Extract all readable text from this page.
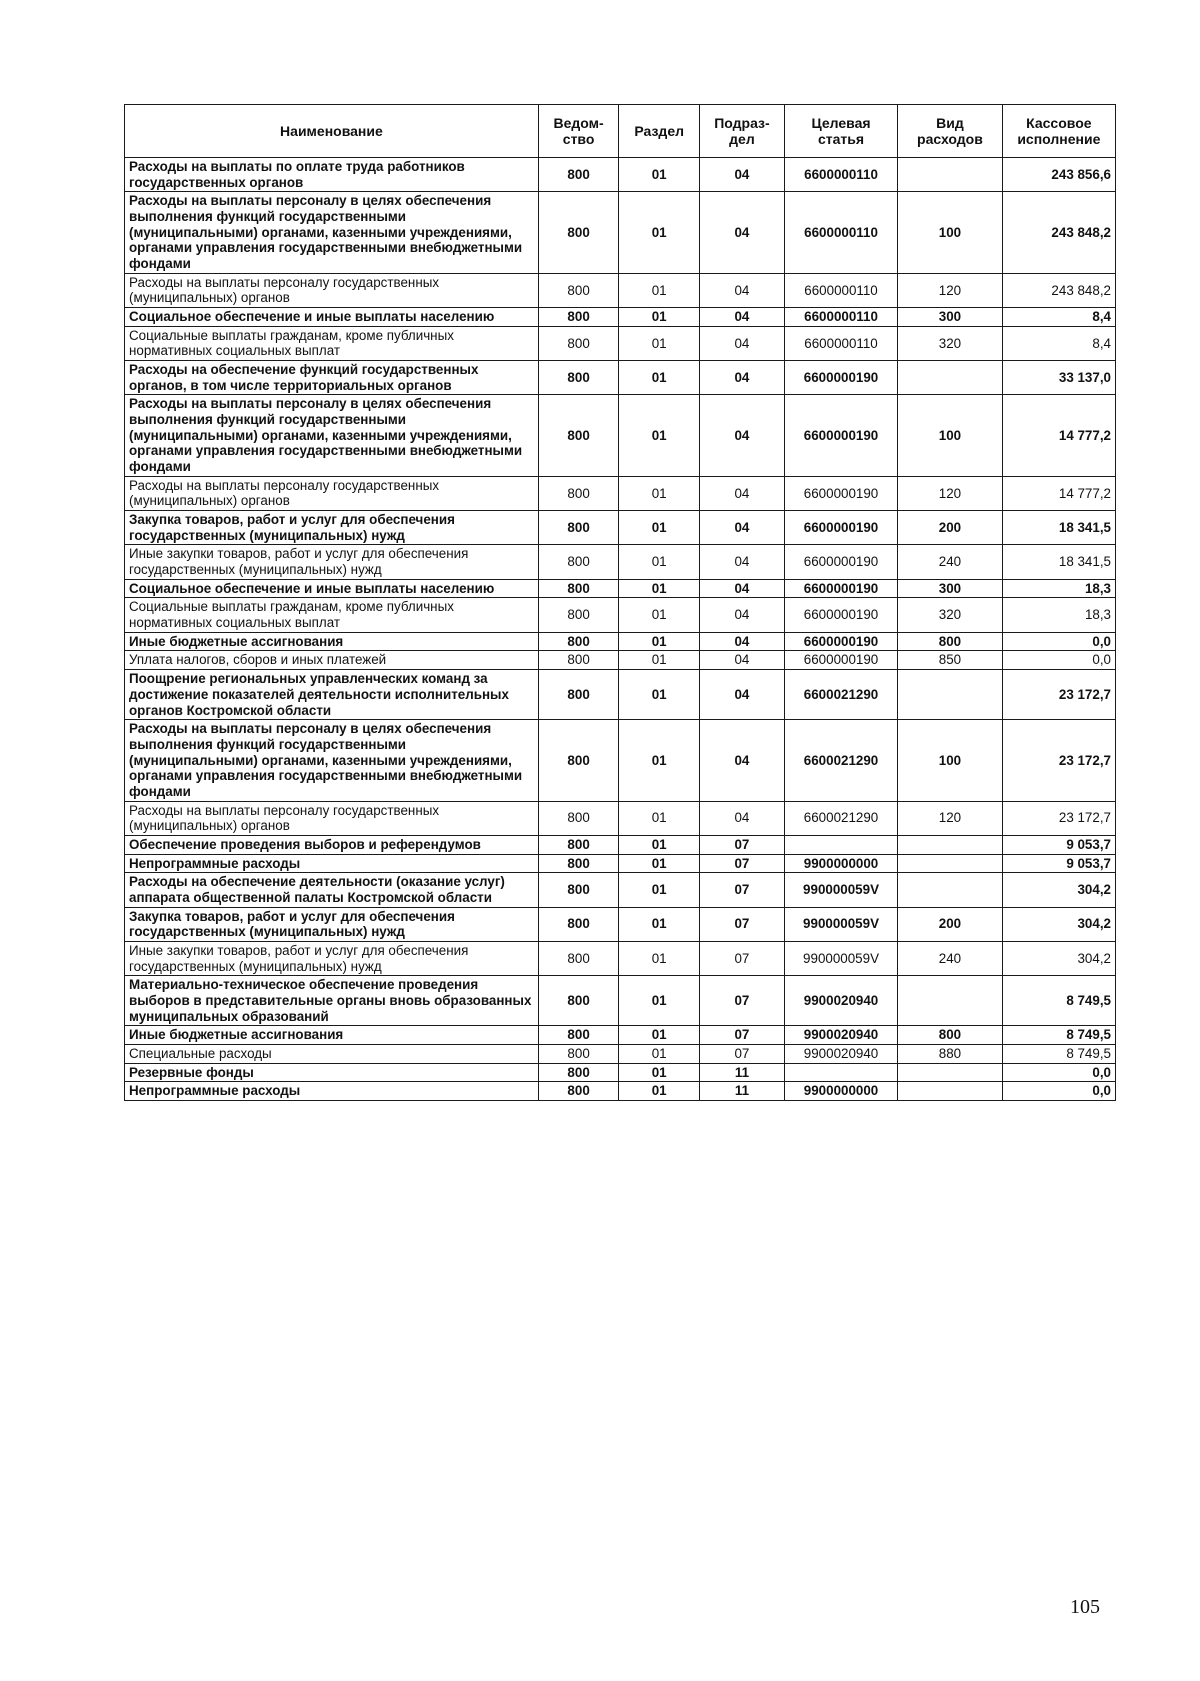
Наименование	Ведом-ство	Раздел	Подраз-дел	Целевая статья	Вид расходов	Кассовое исполнение
Расходы на выплаты по оплате труда работников государственных органов	800	01	04	6600000110		243 856,6
Расходы на выплаты персоналу в целях обеспечения выполнения функций государственными (муниципальными) органами, казенными учреждениями, органами управления государственными внебюджетными фондами	800	01	04	6600000110	100	243 848,2
Расходы на выплаты персоналу государственных (муниципальных) органов	800	01	04	6600000110	120	243 848,2
Социальное обеспечение и иные выплаты населению	800	01	04	6600000110	300	8,4
Социальные выплаты гражданам, кроме публичных нормативных социальных выплат	800	01	04	6600000110	320	8,4
Расходы на обеспечение функций государственных органов, в том числе территориальных органов	800	01	04	6600000190		33 137,0
Расходы на выплаты персоналу в целях обеспечения выполнения функций государственными (муниципальными) органами, казенными учреждениями, органами управления государственными внебюджетными фондами	800	01	04	6600000190	100	14 777,2
Расходы на выплаты персоналу государственных (муниципальных) органов	800	01	04	6600000190	120	14 777,2
Закупка товаров, работ и услуг для обеспечения государственных (муниципальных) нужд	800	01	04	6600000190	200	18 341,5
Иные закупки товаров, работ и услуг для обеспечения государственных (муниципальных) нужд	800	01	04	6600000190	240	18 341,5
Социальное обеспечение и иные выплаты населению	800	01	04	6600000190	300	18,3
Социальные выплаты гражданам, кроме публичных нормативных социальных выплат	800	01	04	6600000190	320	18,3
Иные бюджетные ассигнования	800	01	04	6600000190	800	0,0
Уплата налогов, сборов и иных платежей	800	01	04	6600000190	850	0,0
Поощрение региональных управленческих команд за достижение показателей деятельности исполнительных органов Костромской области	800	01	04	6600021290		23 172,7
Расходы на выплаты персоналу в целях обеспечения выполнения функций государственными (муниципальными) органами, казенными учреждениями, органами управления государственными внебюджетными фондами	800	01	04	6600021290	100	23 172,7
Расходы на выплаты персоналу государственных (муниципальных) органов	800	01	04	6600021290	120	23 172,7
Обеспечение проведения выборов и референдумов	800	01	07			9 053,7
Непрограммные расходы	800	01	07	9900000000		9 053,7
Расходы на обеспечение деятельности (оказание услуг) аппарата общественной палаты Костромской области	800	01	07	990000059V		304,2
Закупка товаров, работ и услуг для обеспечения государственных (муниципальных) нужд	800	01	07	990000059V	200	304,2
Иные закупки товаров, работ и услуг для обеспечения государственных (муниципальных) нужд	800	01	07	990000059V	240	304,2
Материально-техническое обеспечение проведения выборов в представительные органы вновь образованных муниципальных образований	800	01	07	9900020940		8 749,5
Иные бюджетные ассигнования	800	01	07	9900020940	800	8 749,5
Специальные расходы	800	01	07	9900020940	880	8 749,5
Резервные фонды	800	01	11			0,0
Непрограммные расходы	800	01	11	9900000000		0,0
105
